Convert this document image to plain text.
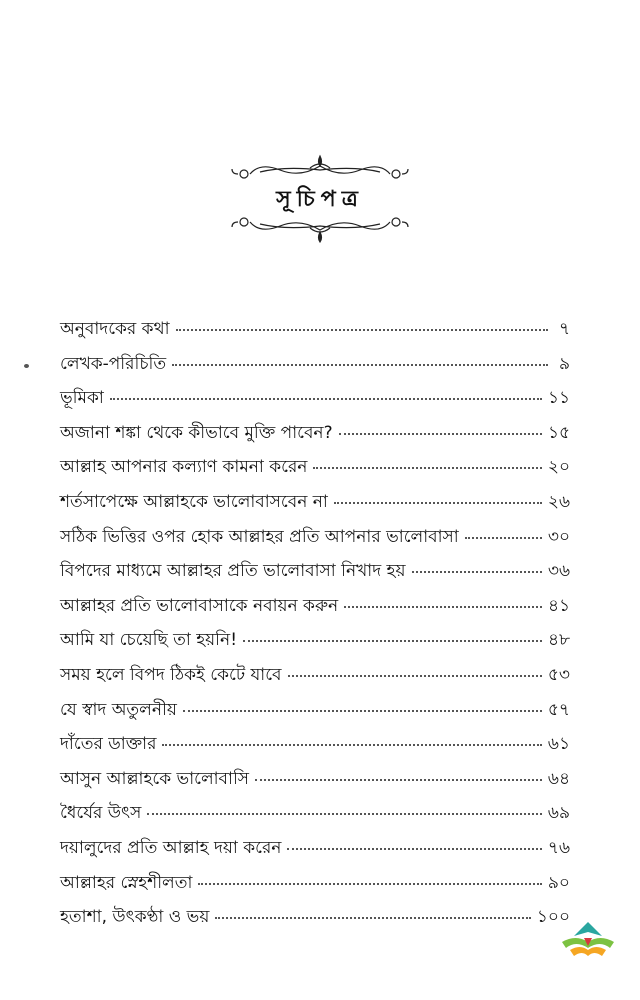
সূচিপত্র
অনুবাদকের কথা	৭
লেখক-পরিচিতি	৯
ভূমিকা	১১
অজানা শঙ্কা থেকে কীভাবে মুক্তি পাবেন?	১৫
আল্লাহ আপনার কল্যাণ কামনা করেন	২০
শর্তসাপেক্ষে আল্লাহকে ভালোবাসবেন না	২৬
সঠিক ভিত্তির ওপর হোক আল্লাহর প্রতি আপনার ভালোবাসা	৩০
বিপদের মাধ্যমে আল্লাহর প্রতি ভালোবাসা নিখাদ হয়	৩৬
আল্লাহর প্রতি ভালোবাসাকে নবায়ন করুন	৪১
আমি যা চেয়েছি তা হয়নি!	৪৮
সময় হলে বিপদ ঠিকই কেটে যাবে	৫৩
যে স্বাদ অতুলনীয়	৫৭
দাঁতের ডাক্তার	৬১
আসুন আল্লাহকে ভালোবাসি	৬৪
ধৈর্যের উৎস	৬৯
দয়ালুদের প্রতি আল্লাহ দয়া করেন	৭৬
আল্লাহর স্নেহশীলতা	৯০
হতাশা, উৎকণ্ঠা ও ভয়	১০০
